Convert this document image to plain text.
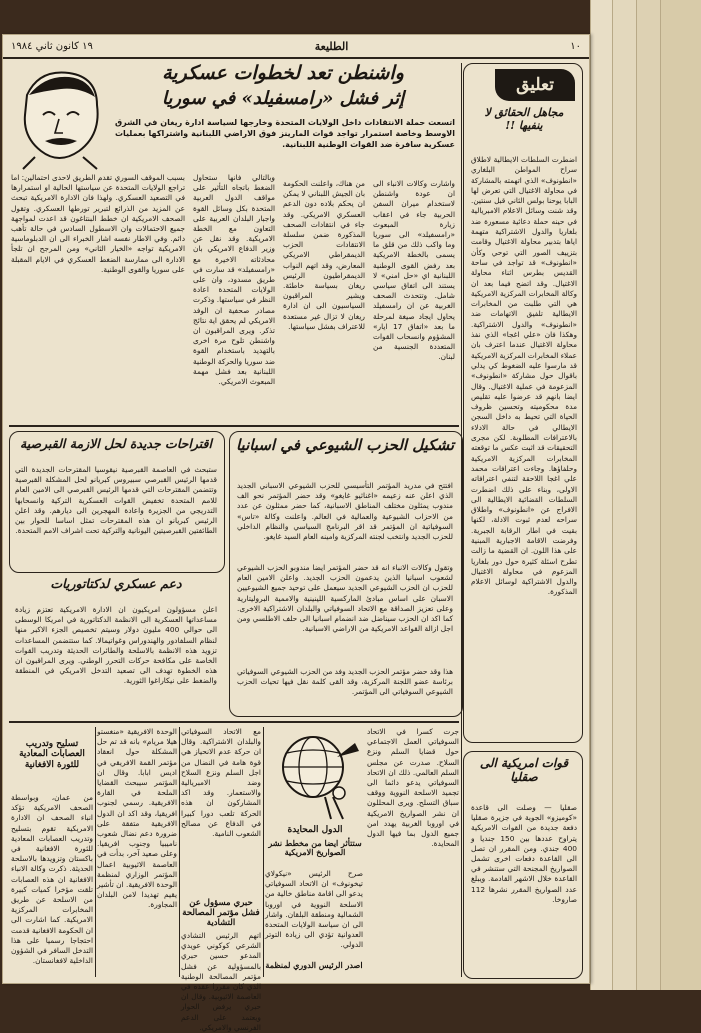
١٠
الطليعة
١٩ كانون ثاني ١٩٨٤
تعليق
مجاهل الحقائق لا ينفيها !!
اضطرت السلطات الايطالية لاطلاق سراح المواطن البلغاري «انطونوف» الذي اتهمته بالمشاركة في محاولة الاغتيال التي تعرض لها البابا يوحنا بولس الثاني قبل سنتين. وقد شنت وسائل الاعلام الامبريالية في حينه حملة دعائية مسعورة ضد بلغاريا والدول الاشتراكية متهمة اياها بتدبير محاولة الاغتيال وقامت بتزييف الصور التي توحي وكأن «انطونوف» قد تواجد في ساحة القديس بطرس اثناء محاولة الاغتيال. وقد اتضح فيما بعد ان وكالة المخابرات المركزية الامريكية هي التي طلبت من المخابرات الايطالية تلفيق الاتهامات ضد «انطونوف» والدول الاشتراكية. وهكذا فان «علي اغجا» الذي نفذ محاولة الاغتيال عندما اعترف بان عملاء المخابرات المركزية الامريكية قد مارسوا عليه الضغوط كي يدلي باقوال حول مشاركة «انطونوف» المزعومة في عملية الاغتيال. وقال ايضا بانهم قد عرضوا عليه تقليص مدة محكوميته وتحسين ظروف الحياة التي تحيط به داخل السجن الايطالي في حالة الادلاء بالاعترافات المطلوبة. لكن مجرى التحقيقات قد اثبت عكس ما توقعته المخابرات المركزية الامريكية وحلفاؤها. وجاءت اعترافات محمد علي اغجا اللاحقة لتنفي اعترافاته الاولى، وبناء على ذلك اضطرت السلطات القضائية الايطالية الى الافراج عن «انطونوف» واطلاق سراحه لعدم ثبوت الادلة، لكنها بقيت في اطار الرقابة الجبرية. وفرضت الاقامة الاجبارية المبنية على هذا اللون. ان القضية ما زالت تطرح اسئلة كثيرة حول دور بلغاريا المزعوم في محاولة الاغتيال والدول الاشتراكية لوسائل الاعلام المذكورة.
قوات امريكية الى صقليا
صقليا — وصلت الى قاعدة «كوميزو» الجوية في جزيرة صقليا دفعة جديدة من القوات الامريكية يتراوح عددها بين 150 جنديا و 400 جندي. ومن المقرر ان تصل الى القاعدة دفعات اخرى تشمل الصواريخ المجنحة التي ستنشر في القاعدة خلال الاشهر القادمة. ويبلغ عدد الصواريخ المقرر نشرها 112 صاروخا.
واشنطن تعد لخطوات عسكرية
إثر فشل «رامسفيلد» في سوريا
اتسعت حملة الانتقادات داخل الولايات المتحدة وخارجها لسياسة ادارة ريغان في الشرق الاوسط وخاصة استمرار تواجد قوات المارينز فوق الاراضي اللبنانية واشتراكها بعمليات عسكرية سافرة ضد القوات الوطنية اللبنانية.
واشارت وكالات الانباء الى ان عودة واشنطن لاستخدام ميران السفن الحربية جاء في اعقاب زيارة المبعوث «رامسفيلد» الى سوريا وما واكب ذلك من قلق ما يسمى بالخطة الامريكية بعد رفض القوى الوطنية اللبنانية اي «حل امني» لا يستند الى اتفاق سياسي شامل. وتتحدث الصحف الغربية عن ان رامسفيلد يحاول ايجاد صيغة لمرحلة ما بعد «اتفاق 17 ايار» المشؤوم وانسحاب القوات المتعددة الجنسية من لبنان.
من هناك، واعلنت الحكومة بان الجيش اللبناني لا يمكن ان يحكم بلاده دون الدعم العسكري الامريكي. وقد جاء في انتقادات الصحف المذكورة ضمن سلسلة الانتقادات الحزب الديمقراطي الامريكي المعارض، وقد اتهم النواب الديمقراطيون الرئيس ريغان بسياسة خاطئة. ويشير المراقبون السياسيون الى ان ادارة ريغان لا تزال غير مستعدة للاعتراف بفشل سياستها.
وبالتالي فانها ستحاول الضغط باتجاه التأثير على مواقف الدول العربية المتحدة بكل وسائل القوة واجبار البلدان العربية على التعاون مع الخطة الامريكية. وقد نقل عن وزير الدفاع الامريكي بان محادثاته الاخيرة مع «رامسفيلد» قد سارت في طريق مسدود، وان على الولايات المتحدة اعادة النظر في سياستها. وذكرت مصادر صحفية ان الوفد الامريكي لم يحقق اية نتائج تذكر. ويرى المراقبون ان واشنطن تلوح مرة اخرى بالتهديد باستخدام القوة ضد سوريا والحركة الوطنية اللبنانية بعد فشل مهمة المبعوث الامريكي.
بسبب الموقف السوري تقدم الطريق لاحدى احتمالين: اما تراجع الولايات المتحدة عن سياستها الحالية او استمرارها في التصعيد العسكري. ولهذا فان الادارة الامريكية تبحث عن المزيد من الذرائع لتبرير تورطها العسكري. وتقول الصحف الامريكية ان خطط البنتاغون قد اعدت لمواجهة جميع الاحتمالات وان الاسطول السادس في حالة تأهب دائم. وفي الاطار نفسه اشار الخبراء الى ان الدبلوماسية الامريكية تواجه «الخيار الثاني» ومن المرجح ان تلجأ الادارة الى ممارسة الضغط العسكري في الايام المقبلة على سوريا والقوى الوطنية.
تشكيل الحزب الشيوعي في اسبانيا
افتتح في مدريد المؤتمر التأسيسي للحزب الشيوعي الاسباني الجديد الذي اعلن عنه زعيمه «اغناثيو غايغو» وقد حضر المؤتمر نحو الف مندوب يمثلون مختلف المناطق الاسبانية، كما حضر ممثلون عن عدد من الاحزاب الشيوعية والعمالية في العالم. واعلنت وكالة «تاس» السوفياتية ان المؤتمر قد اقر البرنامج السياسي والنظام الداخلي للحزب الجديد وانتخب لجنته المركزية وامينه العام السيد غايغو.
وتقول وكالات الانباء انه قد حضر المؤتمر ايضا مندوبو الحزب الشيوعي لشعوب اسبانيا الذين يدعمون الحزب الجديد. واعلن الامين العام للحزب ان الحزب الشيوعي الجديد سيعمل على توحيد جميع الشيوعيين الاسبان على اساس مبادئ الماركسية اللينينية والاممية البروليتارية وعلى تعزيز الصداقة مع الاتحاد السوفياتي والبلدان الاشتراكية الاخرى. كما اكد ان الحزب سيناضل ضد انضمام اسبانيا الى حلف الاطلسي ومن اجل ازالة القواعد الامريكية من الاراضي الاسبانية.
هذا وقد حضر مؤتمر الحزب الجديد وفد من الحزب الشيوعي السوفياتي برئاسة عضو اللجنة المركزية، وقد القى كلمة نقل فيها تحيات الحزب الشيوعي السوفياتي الى المؤتمر.
اقتراحات جديدة لحل الازمة القبرصية
ستبحث في العاصمة القبرصية نيقوسيا المقترحات الجديدة التي قدمها الرئيس القبرصي سبيروس كبريانو لحل المشكلة القبرصية وتتضمن المقترحات التي قدمها الرئيس القبرصي الى الامين العام للامم المتحدة تخفيض القوات العسكرية التركية وانسحابها التدريجي من الجزيرة واعادة المهجرين الى ديارهم. وقد اعلن الرئيس كبريانو ان هذه المقترحات تمثل اساسا للحوار بين الطائفتين القبرصيتين اليونانية والتركية تحت اشراف الامم المتحدة.
دعم عسكري لدكتاتوريات
اعلن مسؤولون امريكيون ان الادارة الامريكية تعتزم زيادة مساعداتها العسكرية الى الانظمة الدكتاتورية في امريكا الوسطى الى حوالي 400 مليون دولار وسيتم تخصيص الجزء الاكبر منها لنظام السلفادور والهندوراس وغواتيمالا. كما ستتضمن المساعدات تزويد هذه الانظمة بالاسلحة والطائرات الحديثة وتدريب القوات الخاصة على مكافحة حركات التحرر الوطني. ويرى المراقبون ان هذه الخطوة تهدف الى تصعيد التدخل الامريكي في المنطقة والضغط على نيكاراغوا الثورية.
جرت كسرا في الاتحاد السوفياتي العمل الاجتماعي حول قضايا السلم ونزع السلاح. صدرت عن مجلس السلم العالمي. ذلك ان الاتحاد السوفياتي يدعو دائما الى تجميد الاسلحة النووية ووقف سباق التسلح. ويرى المحللون ان نشر الصواريخ الامريكية في اوروبا الغربية يهدد امن جميع الدول بما فيها الدول المحايدة.
الدول المحايدة
ستتأثر ايضا من مخطط نشر الصواريخ الامريكية
صرح الرئيس «نيكولاي تيخونوف» ان الاتحاد السوفياتي يدعو الى اقامة مناطق خالية من الاسلحة النووية في اوروبا الشمالية ومنطقة البلقان. واشار الى ان سياسة الولايات المتحدة العدوانية تؤدي الى زيادة التوتر الدولي.
اصدر الرئيس الدوري لمنظمة
مع الاتحاد السوفياتي والبلدان الاشتراكية. وقال ان حركة عدم الانحياز هي قوة هامة في النضال من اجل السلم ونزع السلاح وضد الامبريالية والاستعمار. وقد اكد المشاركون ان هذه الحركة تلعب دورا كبيرا في الدفاع عن مصالح الشعوب النامية.
حبري مسؤول عن فشل مؤتمر المصالحة التشادية
اتهم الرئيس التشادي الشرعي كوكوني عويدي المدعو حسين حبري بالمسؤولية عن فشل مؤتمر المصالحة الوطنية الذي كان مقررا عقده في العاصمة الاثيوبية. وقال ان حبري يرفض الحوار ويعتمد على الدعم الفرنسي والامريكي.
الوحدة الافريقية «منغستو هيلا مريام» بانه قد تم حل المشكلة حول انعقاد مؤتمر القمة الافريقي في اديس ابابا. وقال ان المؤتمر سيبحث القضايا الملحة في القارة الافريقية. رسمي لجنوب افريقيا، وقد اكد ان الدول الافريقية متفقة على ضرورة دعم نضال شعوب ناميبيا وجنوب افريقيا. وعلى صعيد آخر، بدأت في العاصمة الاثيوبية اعمال المؤتمر الوزاري لمنظمة الوحدة الافريقية. ان تأشير يقيم تهديدا لامن البلدان المجاورة.
تسليح وتدريب العصابات المعادية للثورة الافغانية
من عمان، وبواسطة الصحف الامريكية تؤكد انباء الصحف ان الادارة الامريكية تقوم بتسليح وتدريب العصابات المعادية للثورة الافغانية في باكستان وتزويدها بالاسلحة الحديثة. ذكرت وكالة الانباء الافغانية ان هذه العصابات تلقت مؤخرا كميات كبيرة من الاسلحة عن طريق المخابرات المركزية الامريكية. كما اشارت الى ان الحكومة الافغانية قدمت احتجاجا رسميا على هذا التدخل السافر في الشؤون الداخلية لافغانستان.
